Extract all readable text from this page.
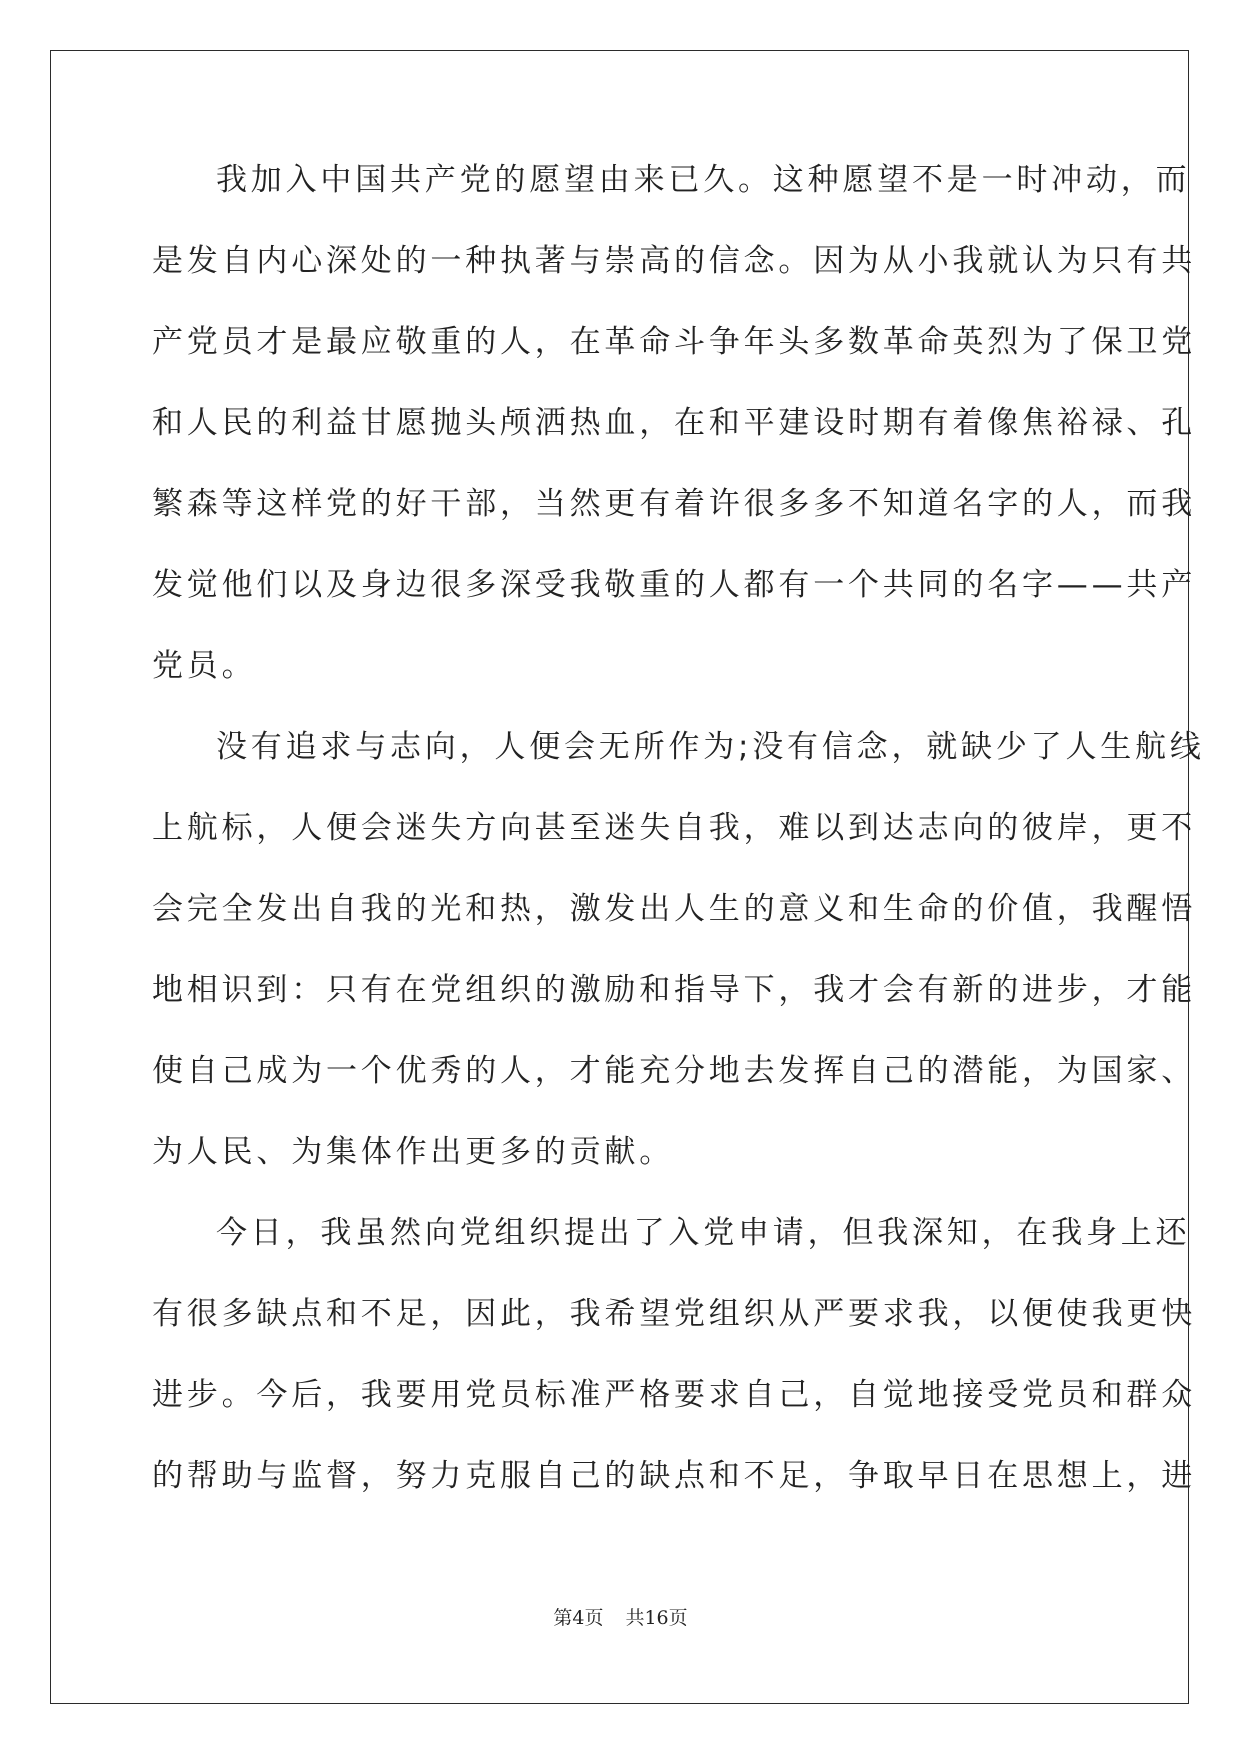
我加入中国共产党的愿望由来已久。这种愿望不是一时冲动，而
是发自内心深处的一种执著与崇高的信念。因为从小我就认为只有共
产党员才是最应敬重的人，在革命斗争年头多数革命英烈为了保卫党
和人民的利益甘愿抛头颅洒热血，在和平建设时期有着像焦裕禄、孔
繁森等这样党的好干部，当然更有着许很多多不知道名字的人，而我
发觉他们以及身边很多深受我敬重的人都有一个共同的名字——共产
党员。
没有追求与志向，人便会无所作为;没有信念，就缺少了人生航线
上航标，人便会迷失方向甚至迷失自我，难以到达志向的彼岸，更不
会完全发出自我的光和热，激发出人生的意义和生命的价值，我醒悟
地相识到：只有在党组织的激励和指导下，我才会有新的进步，才能
使自己成为一个优秀的人，才能充分地去发挥自己的潜能，为国家、
为人民、为集体作出更多的贡献。
今日，我虽然向党组织提出了入党申请，但我深知，在我身上还
有很多缺点和不足，因此，我希望党组织从严要求我，以便使我更快
进步。今后，我要用党员标准严格要求自己，自觉地接受党员和群众
的帮助与监督，努力克服自己的缺点和不足，争取早日在思想上，进
第4页 共16页
